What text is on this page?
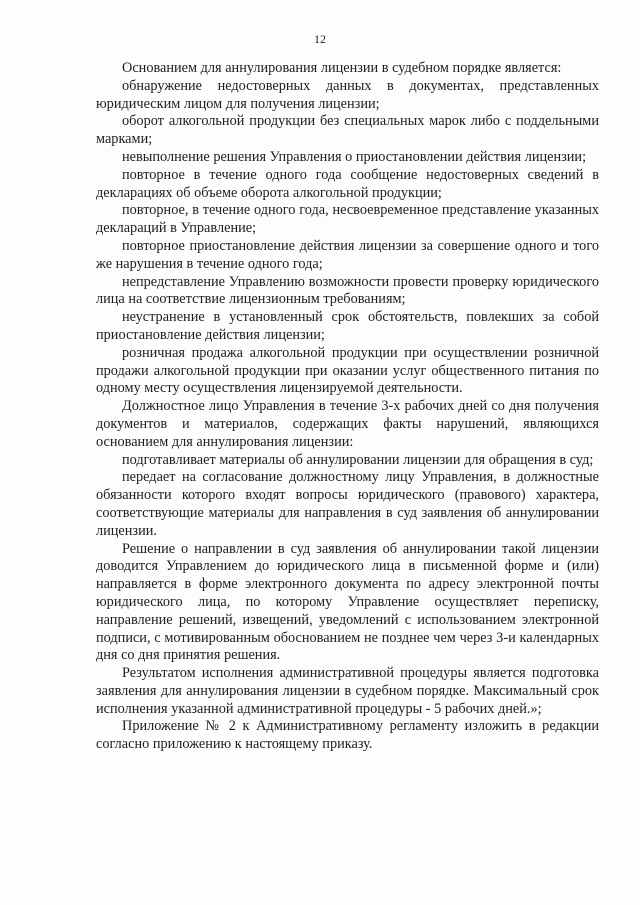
12

Основанием для аннулирования лицензии в судебном порядке является:

обнаружение недостоверных данных в документах, представленных юридическим лицом для получения лицензии;

оборот алкогольной продукции без специальных марок либо с поддельными марками;

невыполнение решения Управления о приостановлении действия лицензии;

повторное в течение одного года сообщение недостоверных сведений в декларациях об объеме оборота алкогольной продукции;

повторное, в течение одного года, несвоевременное представление указанных деклараций в Управление;

повторное приостановление действия лицензии за совершение одного и того же нарушения в течение одного года;

непредставление Управлению возможности провести проверку юридического лица на соответствие лицензионным требованиям;

неустранение в установленный срок обстоятельств, повлекших за собой приостановление действия лицензии;

розничная продажа алкогольной продукции при осуществлении розничной продажи алкогольной продукции при оказании услуг общественного питания по одному месту осуществления лицензируемой деятельности.

Должностное лицо Управления в течение 3-х рабочих дней со дня получения документов и материалов, содержащих факты нарушений, являющихся основанием для аннулирования лицензии:

подготавливает материалы об аннулировании лицензии для обращения в суд;

передает на согласование должностному лицу Управления, в должностные обязанности которого входят вопросы юридического (правового) характера, соответствующие материалы для направления в суд заявления об аннулировании лицензии.

Решение о направлении в суд заявления об аннулировании такой лицензии доводится Управлением до юридического лица в письменной форме и (или) направляется в форме электронного документа по адресу электронной почты юридического лица, по которому Управление осуществляет переписку, направление решений, извещений, уведомлений с использованием электронной подписи, с мотивированным обоснованием не позднее чем через 3-и календарных дня со дня принятия решения.

Результатом исполнения административной процедуры является подготовка заявления для аннулирования лицензии в судебном порядке. Максимальный срок исполнения указанной административной процедуры - 5 рабочих дней.»;

Приложение № 2 к Административному регламенту изложить в редакции согласно приложению к настоящему приказу.
